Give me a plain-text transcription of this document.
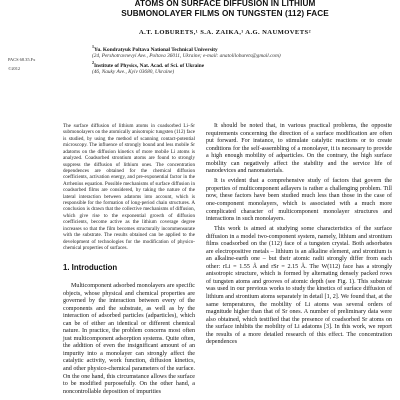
ATOMS ON SURFACE DIFFUSION IN LITHIUM
SUBMONOLAYER FILMS ON TUNGSTEN (112) FACE
A.T. LOBURETS,¹ S.A. ZAIKA,¹ A.G. NAUMOVETS²
$^1$Yu. Kondratyuk Poltava National Technical University
(24, Pershotravnevyi Ave., Poltava 36011, Ukraine; e-mail: anatoliloburets@gmail.com)
$^2$Institute of Physics, Nat. Acad. of Sci. of Ukraine
(46, Nauky Ave., Kyiv 03680, Ukraine)
PACS 68.35.Fx
©2012
The surface diffusion of lithium atoms in coadsorbed Li–Sr submonolayers on the atomically anisotropic tungsten (112) face is studied, by using the method of scanning contact-potential microscopy. The influence of strongly bound and less mobile Sr adatoms on the diffusion kinetics of more mobile Li atoms is analyzed. Coadsorbed strontium atoms are found to strongly suppress the diffusion of lithium ones. The concentration dependences are obtained for the chemical diffusion coefficients, activation energy, and pre-exponential factor in the Arrhenius equation. Possible mechanisms of surface diffusion in coadsorbed films are considered, by taking the nature of the lateral interaction between adatoms into account, which is responsible for the formation of long-period chain structures. A conclusion is drawn that the collective mechanisms of diffusion, which give rise to the exponential growth of diffusion coefficients, become active as the lithium coverage degree increases so that the film becomes structurally incommensurate with the substrate. The results obtained can be applied to the development of technologies for the modification of physico-chemical properties of surfaces.
1. Introduction

Multicomponent adsorbed monolayers are specific objects, whose physical and chemical properties are governed by the interaction between every of the components and the substrate, as well as by the interaction of adsorbed particles (adparticles), which can be of either an identical or different chemical nature. In practice, the problem concerns most often just multicomponent adsorption systems. Quite often, the addition of even the insignificant amount of an impurity into a monolayer can strongly affect the catalytic activity, work function, diffusion kinetics, and other physico-chemical parameters of the surface. On the one hand, this circumstance allows the surface to be modified purposefully. On the other hand, a noncontrollable deposition of impurities

It should be noted that, in various practical problems, the opposite requirements concerning the direction of a surface modification are often put forward. For instance, to stimulate catalytic reactions or to create conditions for the self-assembling of a monolayer, it is necessary to provide a high enough mobility of adparticles. On the contrary, the high surface mobility can negatively affect the stability and the service life of nanodevices and nanomaterials.

It is evident that a comprehensive study of factors that govern the properties of multicomponent adlayers is rather a challenging problem. Till now, these factors have been studied much less than those in the case of one-component monolayers, which is associated with a much more complicated character of multicomponent monolayer structures and interactions in such monolayers.

This work is aimed at studying some characteristics of the surface diffusion in a model two-component system, namely, lithium and strontium films coadsorbed on the (112) face of a tungsten crystal. Both adsorbates are electropositive metals – lithium is an alkaline element, and strontium is an alkaline-earth one – but their atomic radii strongly differ from each other: rLi = 1.55 Å and rSr = 2.15 Å. The W(112) face has a strongly anisotropic structure, which is formed by alternating densely packed rows of tungsten atoms and grooves of atomic depth (see Fig. 1). This substrate was used in our previous works to study the kinetics of surface diffusion of lithium and strontium atoms separately in detail [1, 2]. We found that, at the same temperatures, the mobility of Li atoms was several orders of magnitude higher than that of Sr ones. A number of preliminary data were also obtained, which testified that the presence of coadsorbed Sr atoms on the surface inhibits the mobility of Li adatoms [3]. In this work, we report the results of a more detailed research of this effect. The concentration dependences
